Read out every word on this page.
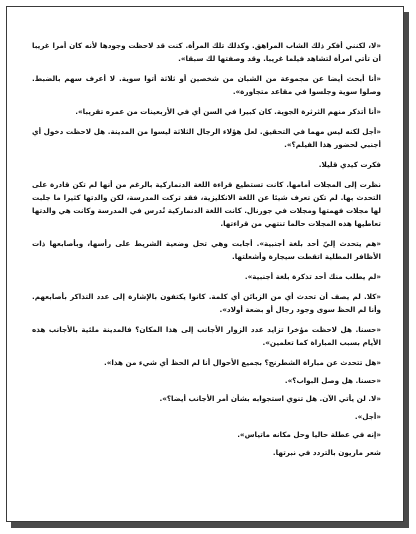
«لا، لكنني أفكر ذلك الشاب المراهق. وكذلك تلك المرأة. كنت قد لاحظت وجودها لأنه كان أمرا غريبا أن تأتي امرأة لتشاهد فيلما غريبا. وقد وصفتها لك سبقا».

«أنا أبحث أيضا عن مجموعة من الشبان من شخصين أو ثلاثة أتوا سوية. لا أعرف سهم بالضبط. وصلوا سوية وجلسوا في مقاعد متجاورة».

«أنا أتذكر منهم الثرثرة الجوية. كان كبيرا في السن أي في الأربعينات من عمره تقريبا».

«أجل لكنه ليس مهما في التحقيق. لعل هؤلاء الرجال الثلاثة ليسوا من المدينة. هل لاحظت دخول أي أجنبي لحضور هذا الفيلم؟».

فكرت كيدي قليلا.

نظرت إلى المجلات أمامها. كانت تستطيع قراءة اللغة الدنماركية بالرغم من أنها لم تكن قادرة على التحدث بها. لم تكن تعرف شيئا عن اللغة الانكليزية، فقد تركت المدرسة، لكن والدتها كثيرا ما جلبت لها مجلات فهمتها ومجلات في جورنال. كانت اللغة الدنماركية تُدرس في المدرسة وكانت هي والدتها تعاطيها هذه المجلات حالما تنتهي من قراءتها.

«هم يتحدث إليّ أحد بلغة أجنبية». أجابت وهي تحل وضعية الشريط على رأسها، وبأصابعها ذات الأظافر المطلية اتقطت سيجارة وأشعلتها.

«لم يطلب منك أحد تذكرة بلغة أجنبية».

«كلا. لم يصف أن تحدث أي من الزبائن أي كلمة. كانوا يكتفون بالإشارة إلى عدد التذاكر بأصابعهم. وأنا لم الحظ سوى وجود رجال أو بضعة أولاد».

«حسنا. هل لاحظت مؤخرا تزايد عدد الزوار الأجانب إلى هذا المكان؟ فالمدينة ملئية بالأجانب هذه الأيام بسبب المباراة كما تعلمين».

«هل تتحدث عن مباراة الشطرنج؟ بجميع الأحوال أنا لم الحظ أي شيء من هذا».

«حسنا. هل وصل البواب؟».

«لا. لن يأتي الآن. هل تنوي استجوابه بشأن أمر الأجانب أيضا؟».

«أجل».

«إنه في عطلة حاليا وحل مكانه ماتياس».

شعر ماريون بالتردد في نبرتها.
